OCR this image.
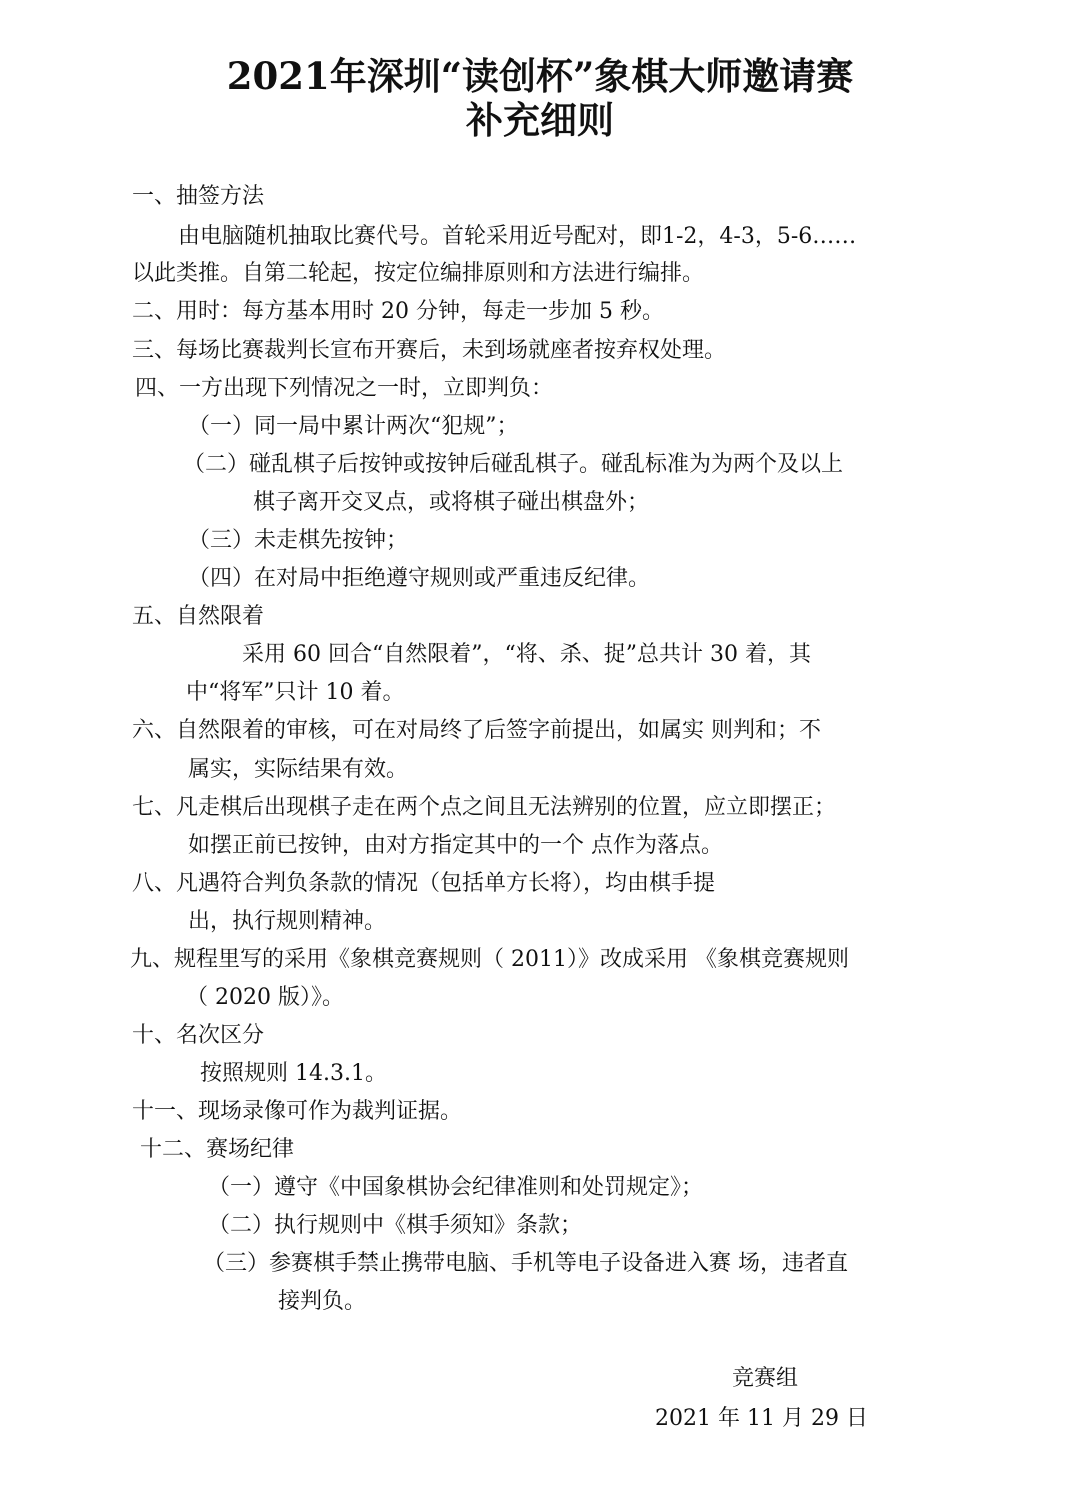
2021年深圳“读创杯”象棋大师邀请赛
补充细则

一、抽签方法

由电脑随机抽取比赛代号。首轮采用近号配对，即1-2，4-3，5-6……

以此类推。自第二轮起，按定位编排原则和方法进行编排。

二、用时：每方基本用时 20 分钟，每走一步加 5 秒。

三、每场比赛裁判长宣布开赛后，未到场就座者按弃权处理。

四、一方出现下列情况之一时，立即判负：

（一）同一局中累计两次“犯规”；

（二）碰乱棋子后按钟或按钟后碰乱棋子。碰乱标准为为两个及以上

棋子离开交叉点，或将棋子碰出棋盘外；

（三）未走棋先按钟；

（四）在对局中拒绝遵守规则或严重违反纪律。

五、自然限着

采用 60 回合“自然限着”，“将、杀、捉”总共计 30 着，其

中“将军”只计 10 着。

六、自然限着的审核，可在对局终了后签字前提出，如属实 则判和；不

属实，实际结果有效。

七、凡走棋后出现棋子走在两个点之间且无法辨别的位置，应立即摆正；

如摆正前已按钟，由对方指定其中的一个 点作为落点。

八、凡遇符合判负条款的情况（包括单方长将），均由棋手提

出，执行规则精神。

九、规程里写的采用《象棋竞赛规则（ 2011）》改成采用 《象棋竞赛规则

（ 2020 版）》。

十、名次区分

按照规则 14.3.1。

十一、现场录像可作为裁判证据。

十二、赛场纪律

（一）遵守《中国象棋协会纪律准则和处罚规定》；

（二）执行规则中《棋手须知》条款；

（三）参赛棋手禁止携带电脑、手机等电子设备进入赛 场，违者直

接判负。

竞赛组

2021 年 11 月 29 日
